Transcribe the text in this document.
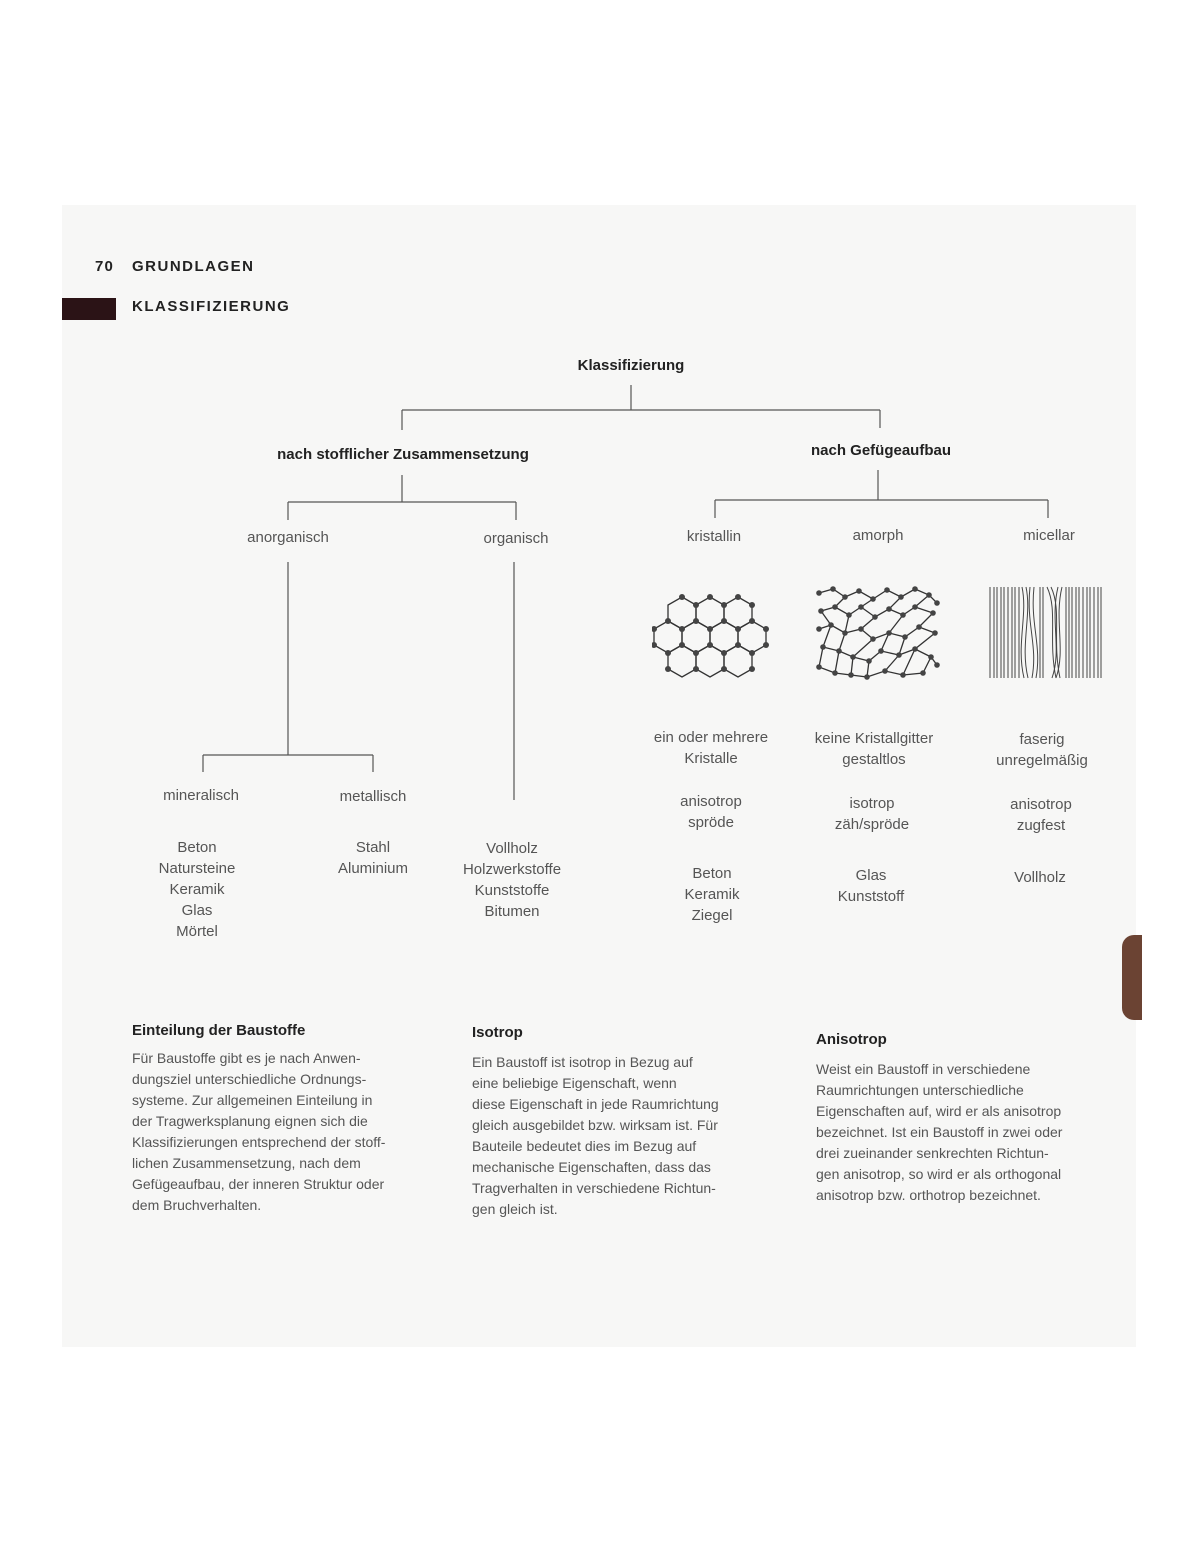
70 GRUNDLAGEN
KLASSIFIZIERUNG
Klassifizierung
nach stofflicher Zusammensetzung	nach Gefügeaufbau
anorganisch	organisch
mineralisch	metallisch
kristallin	amorph	micellar
Beton
Natursteine
Keramik
Glas
Mörtel
Stahl
Aluminium
Vollholz
Holzwerkstoffe
Kunststoffe
Bitumen
ein oder mehrere
Kristalle
anisotrop
spröde
Beton
Keramik
Ziegel
keine Kristallgitter
gestaltlos
isotrop
zäh/spröde
Glas
Kunststoff
faserig
unregelmäßig
anisotrop
zugfest
Vollholz
Einteilung der Baustoffe
Für Baustoffe gibt es je nach Anwen-
dungsziel unterschiedliche Ordnungs-
systeme. Zur allgemeinen Einteilung in
der Tragwerksplanung eignen sich die
Klassifizierungen entsprechend der stoff-
lichen Zusammensetzung, nach dem
Gefügeaufbau, der inneren Struktur oder
dem Bruchverhalten.
Isotrop
Ein Baustoff ist isotrop in Bezug auf
eine beliebige Eigenschaft, wenn
diese Eigenschaft in jede Raumrichtung
gleich ausgebildet bzw. wirksam ist. Für
Bauteile bedeutet dies im Bezug auf
mechanische Eigenschaften, dass das
Tragverhalten in verschiedene Richtun-
gen gleich ist.
Anisotrop
Weist ein Baustoff in verschiedene
Raumrichtungen unterschiedliche
Eigenschaften auf, wird er als anisotrop
bezeichnet. Ist ein Baustoff in zwei oder
drei zueinander senkrechten Richtun-
gen anisotrop, so wird er als orthogonal
anisotrop bzw. orthotrop bezeichnet.
